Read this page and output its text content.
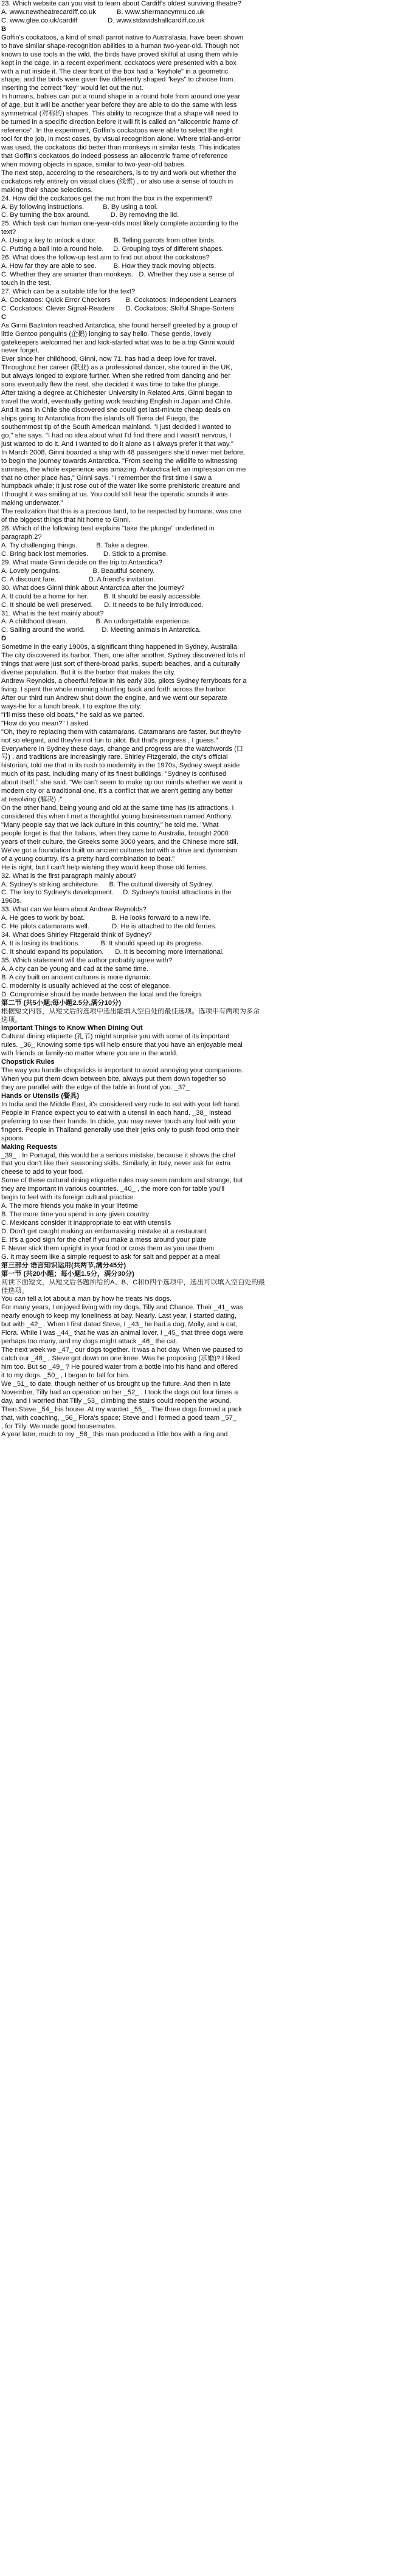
23. Which website can you visit to learn about Cardiff's oldest surviving theatre?
A. www.newtheatrecardiff.co.uk           B. www.shermancymru.co.uk
C. www.glee.co.uk/cardiff                D. www.stdavidshallcardiff.co.uk
B
Goffin's cockatoos, a kind of small parrot native to Australasia, have been shown
to have similar shape-recognition abilities to a human two-year-old. Though not
known to use tools in the wild, the birds have proved skilful at using them while
kept in the cage. In a recent experiment, cockatoos were presented with a box
with a nut inside it. The clear front of the box had a "keyhole" in a geometric
shape, and the birds were given five differently shaped "keys" to choose from.
Inserting the correct "key" would let out the nut.
In humans, babies can put a round shape in a round hole from around one year
of age, but it will be another year before they are able to do the same with less
symmetrical (对称的) shapes. This ability to recognize that a shape will need to
be turned in a specific direction before it will fit is called an "allocentric frame of
reference". In the experiment, Goffin's cockatoos were able to select the right
tool for the job, in most cases, by visual recognition alone. Where trial-and-error
was used, the cockatoos did better than monkeys in similar tests. This indicates
that Goffin's cockatoos do indeed possess an allocentric frame of reference
when moving objects in space, similar to two-year-old babies.
The next step, according to the researchers, is to try and work out whether the
cockatoos rely entirely on visual clues (线索) , or also use a sense of touch in
making their shape selections.
24. How did the cockatoos get the nut from the box in the experiment?
A. By following instructions.          B. By using a tool.
C. By turning the box around.           D. By removing the lid.
25. Which task can human one-year-olds most likely complete according to the
text?
A. Using a key to unlock a door.         B. Telling parrots from other birds.
C. Putting a ball into a round hole.     D. Grouping toys of different shapes.
26. What does the follow-up test aim to find out about the cockatoos?
A. How far they are able to see.         B. How they track moving objects.
C. Whether they are smarter than monkeys.   D. Whether they use a sense of
touch in the test.
27. Which can be a suitable title for the text?
A. Cockatoos: Quick Error Checkers        B. Cockatoos: Independent Learners
C. Cockatoos: Clever Signal-Readers      D. Cockatoos: Skilful Shape-Sorters
C
As Ginni Bazlinton reached Antarctica, she found herself greeted by a group of
little Gentoo penguins (企鹅) longing to say hello. These gentle, lovely
gatekeepers welcomed her and kick-started what was to be a trip Ginni would
never forget.
Ever since her childhood, Ginni, now 71, has had a deep love for travel.
Throughout her career (职业) as a professional dancer, she toured in the UK,
but always longed to explore further. When she retired from dancing and her
sons eventually flew the nest, she decided it was time to take the plunge.
After taking a degree at Chichester University in Related Arts, Ginni began to
travel the world, eventually getting work teaching English in Japan and Chile.
And it was in Chile she discovered she could get last-minute cheap deals on
ships going to Antarctica from the islands off Tierra del Fuego, the
southernmost tip of the South American mainland. "I just decided I wanted to
go," she says. "I had no idea about what I'd find there and I wasn't nervous, I
just wanted to do it. And I wanted to do it alone as I always prefer it that way."
In March 2008, Ginni boarded a ship with 48 passengers she'd never met before,
to begin the journey towards Antarctica. "From seeing the wildlife to witnessing
sunrises, the whole experience was amazing. Antarctica left an impression on me
that no other place has," Ginni says. "I remember the first time I saw a
humpback whale; it just rose out of the water like some prehistoric creature and
I thought it was smiling at us. You could still hear the operatic sounds it was
making underwater."
The realization that this is a precious land, to be respected by humans, was one
of the biggest things that hit home to Ginni.
28. Which of the following best explains "take the plunge" underlined in
paragraph 2?
A. Try challenging things.          B. Take a degree.
C. Bring back lost memories.        D. Stick to a promise.
29. What made Ginni decide on the trip to Antarctica?
A. Lovely penguins.                 B. Beautiful scenery.
C. A discount fare.                 D. A friend's invitation.
30. What does Ginni think about Antarctica after the journey?
A. It could be a home for her.        B. It should be easily accessible.
C. It should be well preserved.      D. It needs to be fully introduced.
31. What is the text mainly about?
A. A childhood dream.               B. An unforgettable experience.
C. Sailing around the world.         D. Meeting animals in Antarctica.
D
Sometime in the early 1900s, a significant thing happened in Sydney, Australia.
The city discovered its harbor. Then, one after another, Sydney discovered lots of
things that were just sort of there-broad parks, superb beaches, and a culturally
diverse population. But it is the harbor that makes the city.
Andrew Reynolds, a cheerful fellow in his early 30s, pilots Sydney ferryboats for a
living. I spent the whole morning shuttling back and forth across the harbor.
After our third run Andrew shut down the engine, and we went our separate
ways-he for a lunch break, I to explore the city.
"I'll miss these old boats," he said as we parted.
"How do you mean?" I asked.
"Oh, they're replacing them with catamarans. Catamarans are faster, but they're
not so elegant, and they're not fun to pilot. But that's progress , I guess."
Everywhere in Sydney these days, change and progress are the watchwords (口
号) , and traditions are increasingly rare. Shirley Fitzgerald, the city's official
historian, told me that in its rush to modernity in the 1970s, Sydney swept aside
much of its past, including many of its finest buildings. "Sydney is confused
about itself," she said. "We can't seem to make up our minds whether we want a
modern city or a traditional one. It's a conflict that we aren't getting any better
at resolving (解决) ."
On the other hand, being young and old at the same time has its attractions. I
considered this when I met a thoughtful young businessman named Anthony.
"Many people say that we lack culture in this country," he told me. "What
people forget is that the Italians, when they came to Australia, brought 2000
years of their culture, the Greeks some 3000 years, and the Chinese more still.
We've got a foundation built on ancient cultures but with a drive and dynamism
of a young country. It's a pretty hard combination to beat."
He is right, but I can't help wishing they would keep those old ferries.
32. What is the first paragraph mainly about?
A. Sydney's striking architecture.     B. The cultural diversity of Sydney.
C. The key to Sydney's development.     D. Sydney's tourist attractions in the
1960s.
33. What can we learn about Andrew Reynolds?
A. He goes to work by boat.              B. He looks forward to a new life.
C. He pilots catamarans well.            D. He is attached to the old ferries.
34. What does Shirley Fitzgerald think of Sydney?
A. It is losing its traditions.           B. It should speed up its progress.
C. It should expand its population.      D. It is becoming more international.
35. Which statement will the author probably agree with?
A. A city can be young and cad at the same time.
B. A city built on ancient cultures is more dynamic.
C. modernity is usually achieved at the cost of elegance.
D. Compromise should be made between the local and the foreign.
第二节 (共5小题;每小题2.5分,满分10分)
根据短文内容，从短文后的选项中选出能填入空白处的最佳选项。选项中有两项为多余
选项。
Important Things to Know When Dining Out
Cultural dining etiquette (礼节) might surprise you with some of its important
rules. _36_ Knowing some tips will help ensure that you have an enjoyable meal
with friends or family-no matter where you are in the world.
Chopstick Rules
The way you handle chopsticks is important to avoid annoying your companions.
When you put them down between bite, always put them down together so
they are parallel with the edge of the table in front of you. _37_
Hands or Utensils (餐具)
In India and the Middle East, it's considered very rude to eat with your left hand.
People in France expect you to eat with a utensil in each hand. _38_ instead
preferring to use their hands. In chide, you may never touch any fool with your
fingers. People in Thailand generally use their jerks only to push food onto their
spoons.
Making Requests
_39_ . In Portugal, this would be a serious mistake, because it shows the chef
that you don't like their seasoning skills. Similarly, in Italy, never ask for extra
cheese to add to your food.
Some of these cultural dining etiquette rules may seem random and strange; but
they are important in various countries. _40_ , the more con for table you'll
begin to feel with its foreign cultural practice.
A. The more friends you make in your lifetime
B. The more time you spend in any given country
C. Mexicans consider it inappropriate to eat with utensils
D. Don't get caught making an embarrassing mistake at a restaurant
E. It's a good sign for the chef if you make a mess around your plate
F. Never stick them upright in your food or cross them as you use them
G. It may seem like a simple request to ask for salt and pepper at a meal
第三部分 语言知识运用(共两节,满分45分)
第一节 (共20小题；每小题1.5分，满分30分)
阅读下面短文，从短文后各题所给的A、B、C和D四个选项中，选出可以填入空白处的最
佳选项。
You can tell a lot about a man by how he treats his dogs.
For many years, I enjoyed living with my dogs, Tilly and Chance. Their _41_ was
nearly enough to keep my loneliness at bay. Nearly. Last year, I started dating,
but with _42_ . When I first dated Steve, I _43_ he had a dog, Molly, and a cat,
Flora. While I was _44_ that he was an animal lover, I _45_ that three dogs were
perhaps too many, and my dogs might attack _46_ the cat.
The next week we _47_ our dogs together. It was a hot day. When we paused to
catch our _48_ , Steve got down on one knee. Was he proposing (求婚)? I liked
him too. But so _49_ ? He poured water from a bottle into his hand and offered
it to my dogs. _50_ , I began to fall for him.
We _51_ to date, though neither of us brought up the future. And then in late
November, Tilly had an operation on her _52_ . I took the dogs out four times a
day, and I worried that Tilly _53_ climbing the stairs could reopen the wound.
Then Steve _54_ his house. At my wanted _55_ . The three dogs formed a pack
that, with coaching, _56_ Flora's space; Steve and I formed a good team _57_
, for Tilly. We made good housemates.
A year later, much to my _58_ this man produced a little box with a ring and
